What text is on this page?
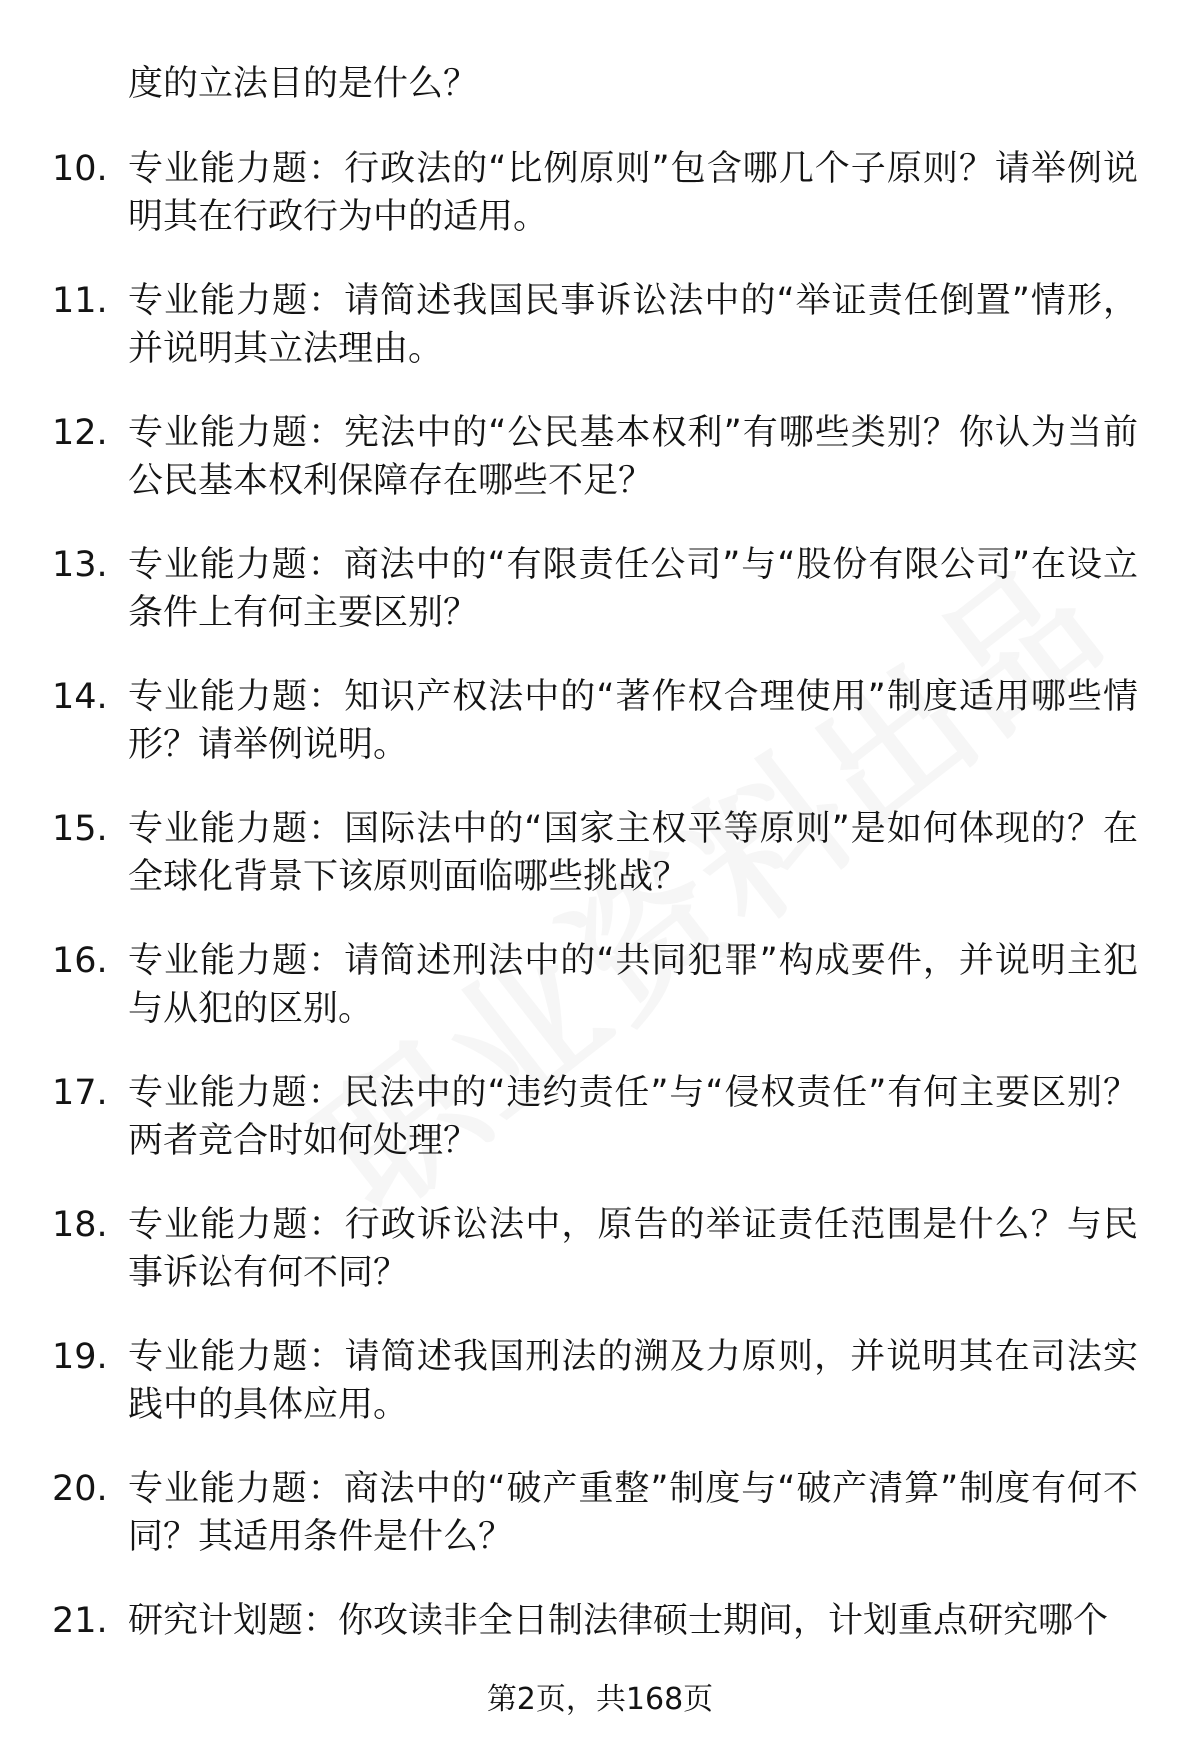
度的立法目的是什么？
10. 专业能力题：行政法的“比例原则”包含哪几个子原则？请举例说明其在行政行为中的适用。
11. 专业能力题：请简述我国民事诉讼法中的“举证责任倒置”情形，并说明其立法理由。
12. 专业能力题：宪法中的“公民基本权利”有哪些类别？你认为当前公民基本权利保障存在哪些不足？
13. 专业能力题：商法中的“有限责任公司”与“股份有限公司”在设立条件上有何主要区别？
14. 专业能力题：知识产权法中的“著作权合理使用”制度适用哪些情形？请举例说明。
15. 专业能力题：国际法中的“国家主权平等原则”是如何体现的？在全球化背景下该原则面临哪些挑战？
16. 专业能力题：请简述刑法中的“共同犯罪”构成要件，并说明主犯与从犯的区别。
17. 专业能力题：民法中的“违约责任”与“侵权责任”有何主要区别？两者竞合时如何处理？
18. 专业能力题：行政诉讼法中，原告的举证责任范围是什么？与民事诉讼有何不同？
19. 专业能力题：请简述我国刑法的溯及力原则，并说明其在司法实践中的具体应用。
20. 专业能力题：商法中的“破产重整”制度与“破产清算”制度有何不同？其适用条件是什么？
21. 研究计划题：你攻读非全日制法律硕士期间，计划重点研究哪个
第2页，共168页
